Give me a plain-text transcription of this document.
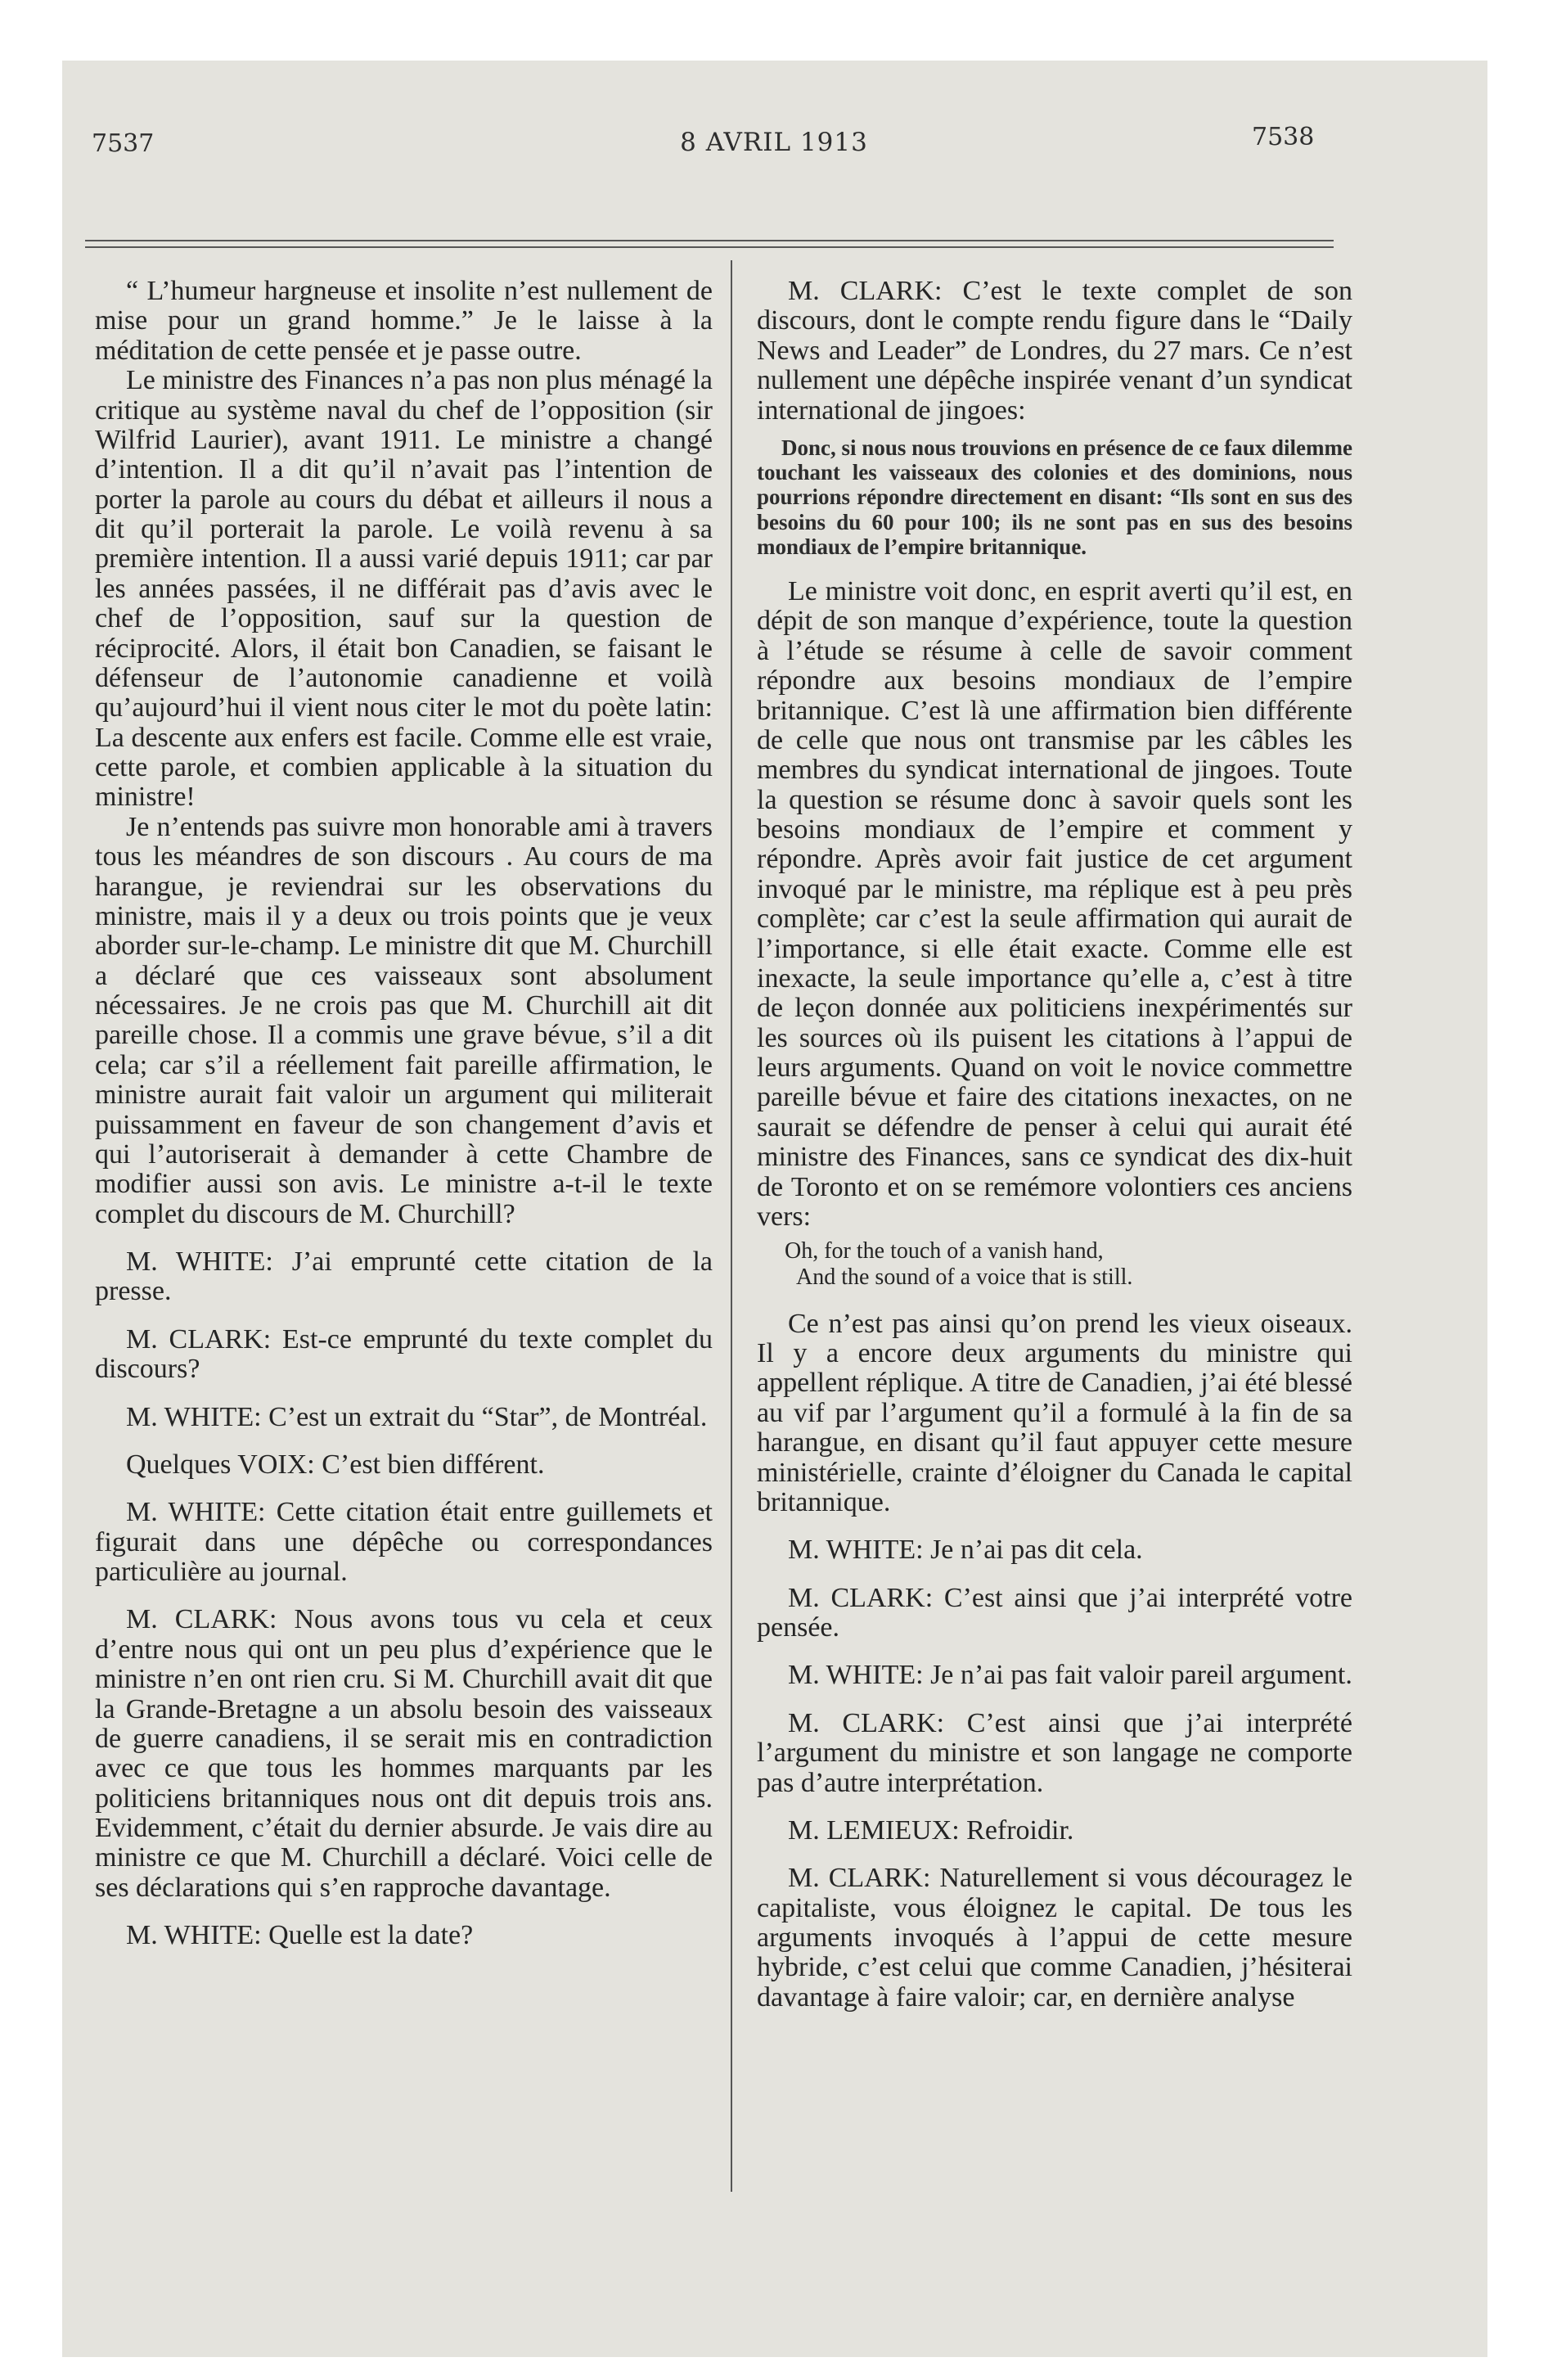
7537	8 AVRIL 1913	7538

“ L’humeur hargneuse et insolite n’est nullement de mise pour un grand homme.” Je le laisse à la méditation de cette pensée et je passe outre.

Le ministre des Finances n’a pas non plus ménagé la critique au système naval du chef de l’opposition (sir Wilfrid Laurier), avant 1911. Le ministre a changé d’intention. Il a dit qu’il n’avait pas l’intention de porter la parole au cours du débat et ailleurs il nous a dit qu’il porterait la parole. Le voilà revenu à sa première intention. Il a aussi varié depuis 1911; car par les années passées, il ne différait pas d’avis avec le chef de l’opposition, sauf sur la question de réciprocité. Alors, il était bon Canadien, se faisant le défenseur de l’autonomie canadienne et voilà qu’aujourd’hui il vient nous citer le mot du poète latin: La descente aux enfers est facile. Comme elle est vraie, cette parole, et combien applicable à la situation du ministre!

Je n’entends pas suivre mon honorable ami à travers tous les méandres de son discours . Au cours de ma harangue, je reviendrai sur les observations du ministre, mais il y a deux ou trois points que je veux aborder sur-le-champ. Le ministre dit que M. Churchill a déclaré que ces vaisseaux sont absolument nécessaires. Je ne crois pas que M. Churchill ait dit pareille chose. Il a commis une grave bévue, s’il a dit cela; car s’il a réellement fait pareille affirmation, le ministre aurait fait valoir un argument qui militerait puissamment en faveur de son changement d’avis et qui l’autoriserait à demander à cette Chambre de modifier aussi son avis. Le ministre a-t-il le texte complet du discours de M. Churchill?

M. WHITE: J’ai emprunté cette citation de la presse.

M. CLARK: Est-ce emprunté du texte complet du discours?

M. WHITE: C’est un extrait du “Star”, de Montréal.

Quelques VOIX: C’est bien différent.

M. WHITE: Cette citation était entre guillemets et figurait dans une dépêche ou correspondances particulière au journal.

M. CLARK: Nous avons tous vu cela et ceux d’entre nous qui ont un peu plus d’expérience que le ministre n’en ont rien cru. Si M. Churchill avait dit que la Grande-Bretagne a un absolu besoin des vaisseaux de guerre canadiens, il se serait mis en contradiction avec ce que tous les hommes marquants par les politiciens britanniques nous ont dit depuis trois ans. Evidemment, c’était du dernier absurde. Je vais dire au ministre ce que M. Churchill a déclaré. Voici celle de ses déclarations qui s’en rapproche davantage.

M. WHITE: Quelle est la date?

M. CLARK: C’est le texte complet de son discours, dont le compte rendu figure dans le “Daily News and Leader” de Londres, du 27 mars. Ce n’est nullement une dépêche inspirée venant d’un syndicat international de jingoes:

Donc, si nous nous trouvions en présence de ce faux dilemme touchant les vaisseaux des colonies et des dominions, nous pourrions répondre directement en disant: “Ils sont en sus des besoins du 60 pour 100; ils ne sont pas en sus des besoins mondiaux de l’empire britannique.

Le ministre voit donc, en esprit averti qu’il est, en dépit de son manque d’expérience, toute la question à l’étude se résume à celle de savoir comment répondre aux besoins mondiaux de l’empire britannique. C’est là une affirmation bien différente de celle que nous ont transmise par les câbles les membres du syndicat international de jingoes. Toute la question se résume donc à savoir quels sont les besoins mondiaux de l’empire et comment y répondre. Après avoir fait justice de cet argument invoqué par le ministre, ma réplique est à peu près complète; car c’est la seule affirmation qui aurait de l’importance, si elle était exacte. Comme elle est inexacte, la seule importance qu’elle a, c’est à titre de leçon donnée aux politiciens inexpérimentés sur les sources où ils puisent les citations à l’appui de leurs arguments. Quand on voit le novice commettre pareille bévue et faire des citations inexactes, on ne saurait se défendre de penser à celui qui aurait été ministre des Finances, sans ce syndicat des dix-huit de Toronto et on se remémore volontiers ces anciens vers:

Oh, for the touch of a vanish hand,
And the sound of a voice that is still.

Ce n’est pas ainsi qu’on prend les vieux oiseaux. Il y a encore deux arguments du ministre qui appellent réplique. A titre de Canadien, j’ai été blessé au vif par l’argument qu’il a formulé à la fin de sa harangue, en disant qu’il faut appuyer cette mesure ministérielle, crainte d’éloigner du Canada le capital britannique.

M. WHITE: Je n’ai pas dit cela.

M. CLARK: C’est ainsi que j’ai interprété votre pensée.

M. WHITE: Je n’ai pas fait valoir pareil argument.

M. CLARK: C’est ainsi que j’ai interprété l’argument du ministre et son langage ne comporte pas d’autre interprétation.

M. LEMIEUX: Refroidir.

M. CLARK: Naturellement si vous découragez le capitaliste, vous éloignez le capital. De tous les arguments invoqués à l’appui de cette mesure hybride, c’est celui que comme Canadien, j’hésiterai davantage à faire valoir; car, en dernière analyse
